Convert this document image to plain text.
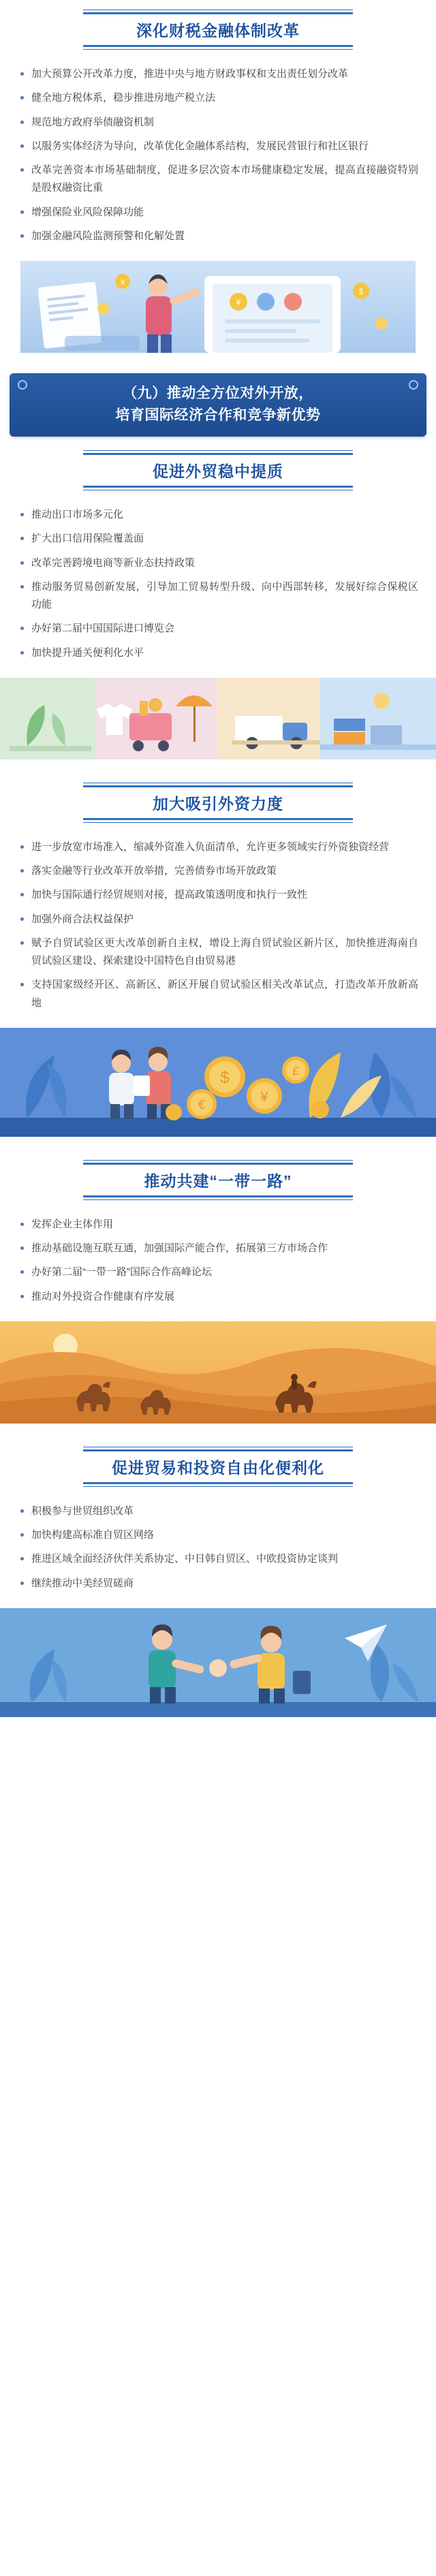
深化财税金融体制改革
加大预算公开改革力度，推进中央与地方财政事权和支出责任划分改革
健全地方税体系，稳步推进房地产税立法
规范地方政府举债融资机制
以服务实体经济为导向，改革优化金融体系结构，发展民营银行和社区银行
改革完善资本市场基础制度，促进多层次资本市场健康稳定发展，提高直接融资特别是股权融资比重
增强保险业风险保障功能
加强金融风险监测预警和化解处置
¥
¥
$
（九）推动全方位对外开放，
培育国际经济合作和竞争新优势
促进外贸稳中提质
推动出口市场多元化
扩大出口信用保险覆盖面
改革完善跨境电商等新业态扶持政策
推动服务贸易创新发展，引导加工贸易转型升级、向中西部转移，发展好综合保税区功能
办好第二届中国国际进口博览会
加快提升通关便利化水平
加大吸引外资力度
进一步放宽市场准入，缩减外资准入负面清单，允许更多领域实行外资独资经营
落实金融等行业改革开放举措，完善债券市场开放政策
加快与国际通行经贸规则对接，提高政策透明度和执行一致性
加强外商合法权益保护
赋予自贸试验区更大改革创新自主权，增设上海自贸试验区新片区，加快推进海南自贸试验区建设、探索建设中国特色自由贸易港
支持国家级经开区、高新区、新区开展自贸试验区相关改革试点，打造改革开放新高地
$
¥
€
£
推动共建“一带一路”
发挥企业主体作用
推动基础设施互联互通，加强国际产能合作，拓展第三方市场合作
办好第二届“一带一路”国际合作高峰论坛
推动对外投资合作健康有序发展
促进贸易和投资自由化便利化
积极参与世贸组织改革
加快构建高标准自贸区网络
推进区域全面经济伙伴关系协定、中日韩自贸区、中欧投资协定谈判
继续推动中美经贸磋商
